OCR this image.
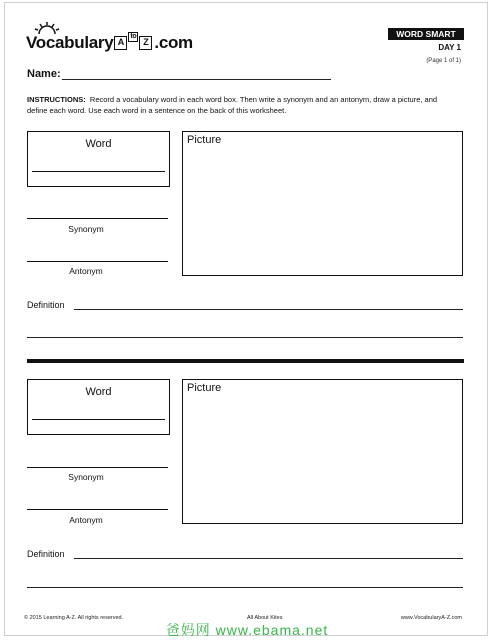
Vocabulary A
to
Z .com	WORD SMART
DAY 1
(Page 1 of 1)
Name:
INSTRUCTIONS: Record a vocabulary word in each word box. Then write a synonym and an antonym, draw a picture, and define each word. Use each word in a sentence on the back of this worksheet.
Word	Picture
Synonym
Antonym
Definition
Word	Picture
Synonym
Antonym
Definition
© 2015 Learning A-Z. All rights reserved.	All About Kites	www.VocabularyA-Z.com
爸妈网 www.ebama.net
